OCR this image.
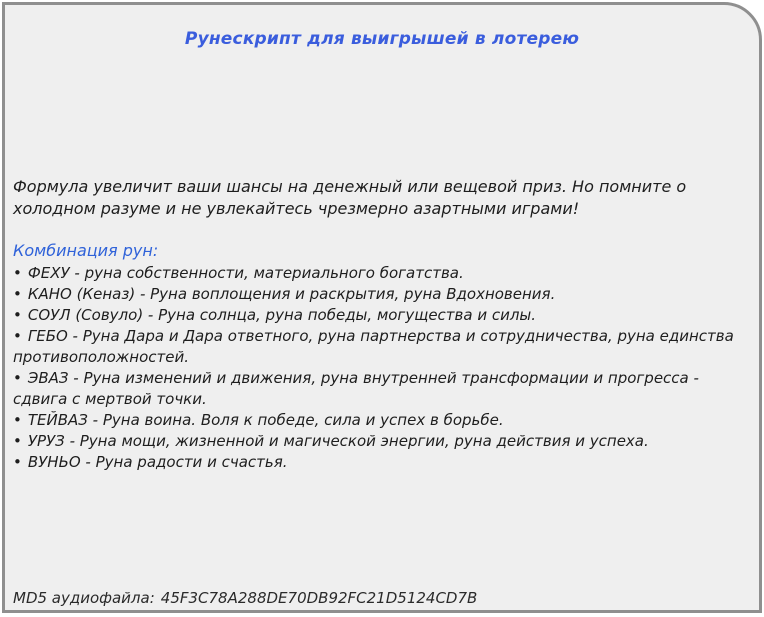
Рунескрипт для выигрышей в лотерею
Формула увеличит ваши шансы на денежный или вещевой приз. Но помните о холодном разуме и не увлекайтесь чрезмерно азартными играми!
Комбинация рун:
• ФЕХУ - руна собственности, материального богатства.
• КАНО (Кеназ) - Руна воплощения и раскрытия, руна Вдохновения.
• СОУЛ (Совуло) - Руна солнца, руна победы, могущества и силы.
• ГЕБО - Руна Дара и Дара ответного, руна партнерства и сотрудничества, руна единства противоположностей.
• ЭВАЗ - Руна изменений и движения, руна внутренней трансформации и прогресса - сдвига с мертвой точки.
• ТЕЙВАЗ - Руна воина. Воля к победе, сила и успех в борьбе.
• УРУЗ - Руна мощи, жизненной и магической энергии, руна действия и успеха.
• ВУНЬО - Руна радости и счастья.
MD5 аудиофайла: 45F3C78A288DE70DB92FC21D5124CD7B
